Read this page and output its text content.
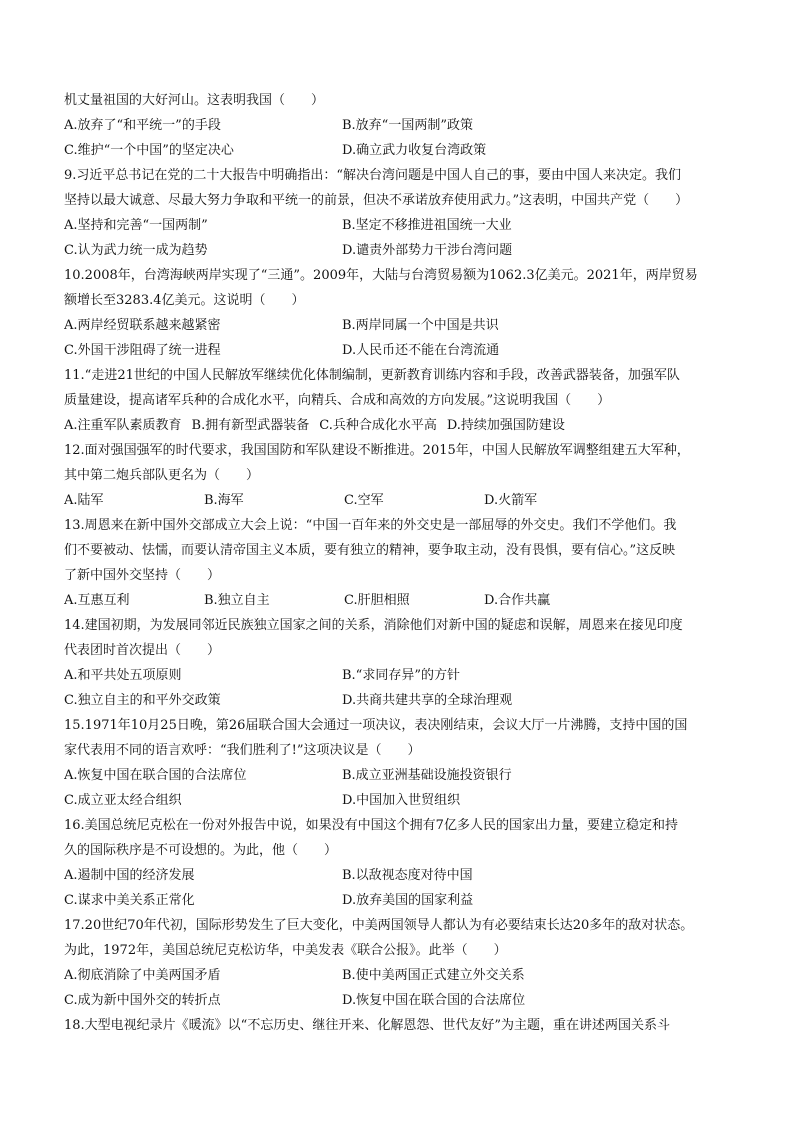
机丈量祖国的大好河山。这表明我国（　　）
A.放弃了“和平统一”的手段	B.放弃“一国两制”政策
C.维护“一个中国”的坚定决心	D.确立武力收复台湾政策
9.习近平总书记在党的二十大报告中明确指出：“解决台湾问题是中国人自己的事，要由中国人来决定。我们
坚持以最大诚意、尽最大努力争取和平统一的前景，但决不承诺放弃使用武力。”这表明，中国共产党（　　）
A.坚持和完善“一国两制”	B.坚定不移推进祖国统一大业
C.认为武力统一成为趋势	D.谴责外部势力干涉台湾问题
10.2008年，台湾海峡两岸实现了“三通”。2009年，大陆与台湾贸易额为1062.3亿美元。2021年，两岸贸易
额增长至3283.4亿美元。这说明（　　）
A.两岸经贸联系越来越紧密	B.两岸同属一个中国是共识
C.外国干涉阻碍了统一进程	D.人民币还不能在台湾流通
11.“走进21世纪的中国人民解放军继续优化体制编制，更新教育训练内容和手段，改善武器装备，加强军队
质量建设，提高诸军兵种的合成化水平，向精兵、合成和高效的方向发展。”这说明我国（　　）
A.注重军队素质教育 B.拥有新型武器装备 C.兵种合成化水平高 D.持续加强国防建设
12.面对强国强军的时代要求，我国国防和军队建设不断推进。2015年，中国人民解放军调整组建五大军种，
其中第二炮兵部队更名为（　　）
A.陆军	B.海军	C.空军	D.火箭军
13.周恩来在新中国外交部成立大会上说：“中国一百年来的外交史是一部屈辱的外交史。我们不学他们。我
们不要被动、怯懦，而要认清帝国主义本质，要有独立的精神，要争取主动，没有畏惧，要有信心。”这反映
了新中国外交坚持（　　）
A.互惠互利	B.独立自主	C.肝胆相照	D.合作共赢
14.建国初期，为发展同邻近民族独立国家之间的关系，消除他们对新中国的疑虑和误解，周恩来在接见印度
代表团时首次提出（　　）
A.和平共处五项原则	B.“求同存异”的方针
C.独立自主的和平外交政策	D.共商共建共享的全球治理观
15.1971年10月25日晚，第26届联合国大会通过一项决议，表决刚结束，会议大厅一片沸腾，支持中国的国
家代表用不同的语言欢呼：“我们胜利了!”这项决议是（　　）
A.恢复中国在联合国的合法席位	B.成立亚洲基础设施投资银行
C.成立亚太经合组织	D.中国加入世贸组织
16.美国总统尼克松在一份对外报告中说，如果没有中国这个拥有7亿多人民的国家出力量，要建立稳定和持
久的国际秩序是不可设想的。为此，他（　　）
A.遏制中国的经济发展	B.以敌视态度对待中国
C.谋求中美关系正常化	D.放弃美国的国家利益
17.20世纪70年代初，国际形势发生了巨大变化，中美两国领导人都认为有必要结束长达20多年的敌对状态。
为此，1972年，美国总统尼克松访华，中美发表《联合公报》。此举（　　）
A.彻底消除了中美两国矛盾	B.使中美两国正式建立外交关系
C.成为新中国外交的转折点	D.恢复中国在联合国的合法席位
18.大型电视纪录片《暖流》以“不忘历史、继往开来、化解恩怨、世代友好”为主题，重在讲述两国关系斗
